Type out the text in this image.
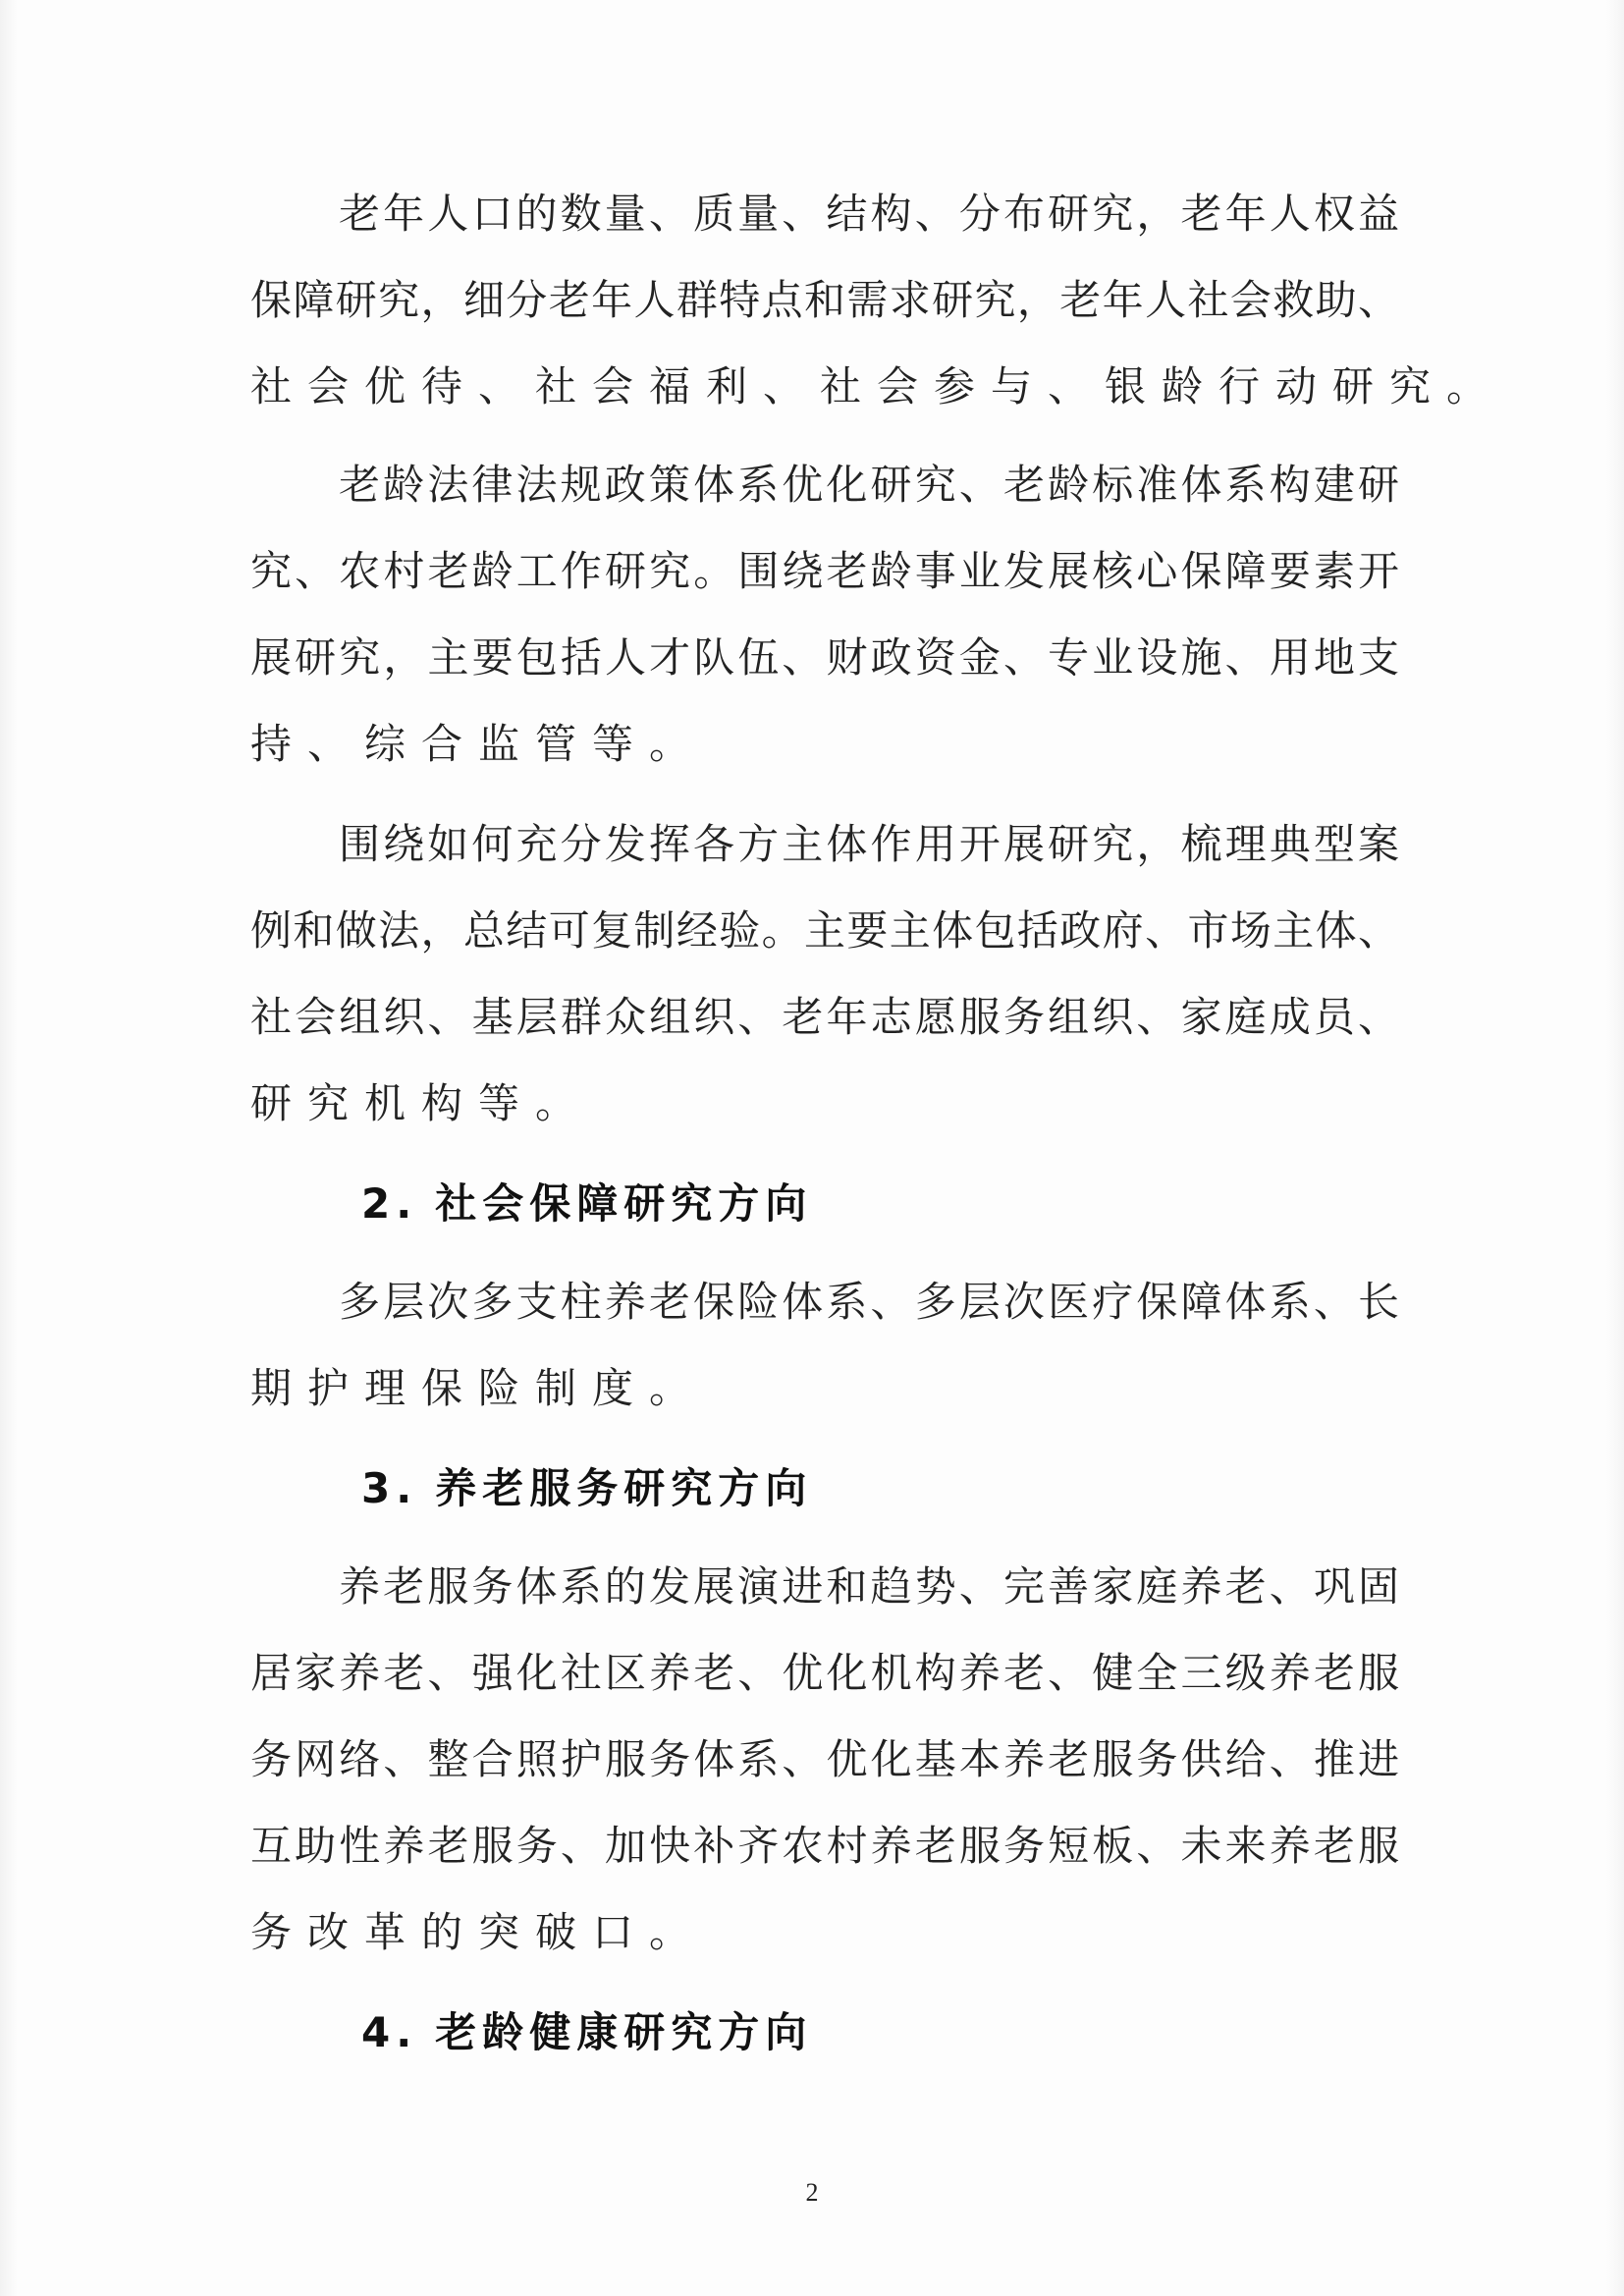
老年人口的数量、质量、结构、分布研究，老年人权益
保障研究，细分老年人群特点和需求研究，老年人社会救助、
社会优待、社会福利、社会参与、银龄行动研究。
老龄法律法规政策体系优化研究、老龄标准体系构建研
究、农村老龄工作研究。围绕老龄事业发展核心保障要素开
展研究，主要包括人才队伍、财政资金、专业设施、用地支
持、综合监管等。
围绕如何充分发挥各方主体作用开展研究，梳理典型案
例和做法，总结可复制经验。主要主体包括政府、市场主体、
社会组织、基层群众组织、老年志愿服务组织、家庭成员、
研究机构等。
2. 社会保障研究方向
多层次多支柱养老保险体系、多层次医疗保障体系、长
期护理保险制度。
3. 养老服务研究方向
养老服务体系的发展演进和趋势、完善家庭养老、巩固
居家养老、强化社区养老、优化机构养老、健全三级养老服
务网络、整合照护服务体系、优化基本养老服务供给、推进
互助性养老服务、加快补齐农村养老服务短板、未来养老服
务改革的突破口。
4. 老龄健康研究方向
2
